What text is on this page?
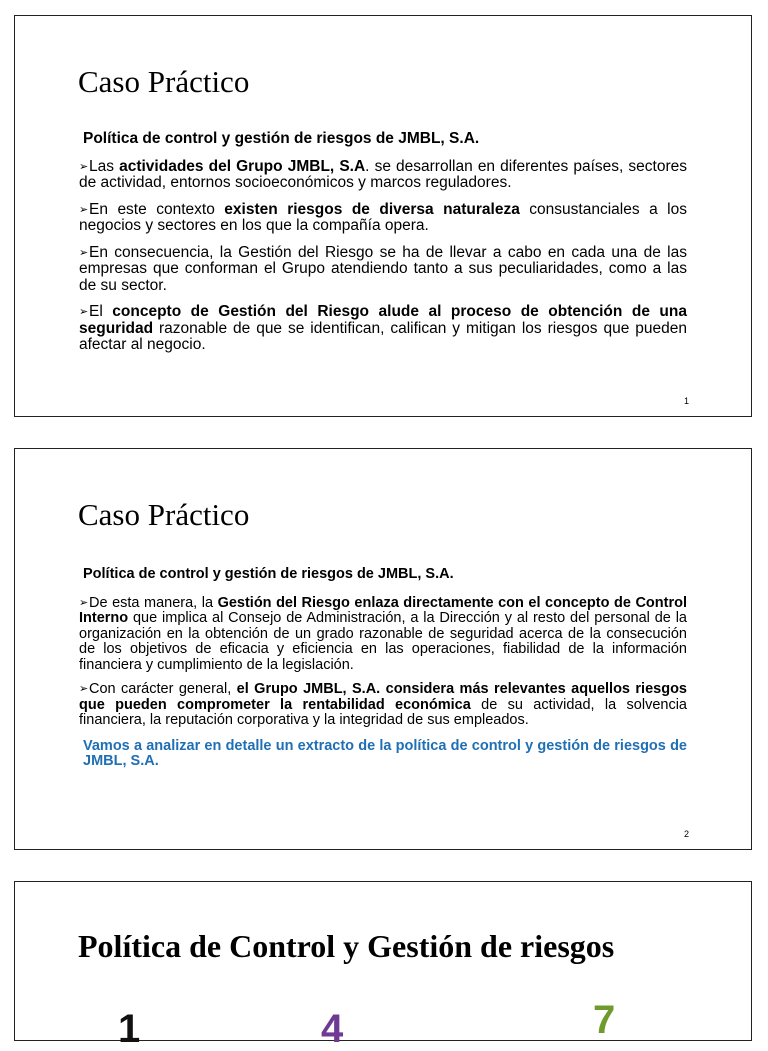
Caso Práctico

Política de control y gestión de riesgos de JMBL, S.A.

➢Las actividades del Grupo JMBL, S.A. se desarrollan en diferentes países, sectores de actividad, entornos socioeconómicos y marcos reguladores.

➢En este contexto existen riesgos de diversa naturaleza consustanciales a los negocios y sectores en los que la compañía opera.

➢En consecuencia, la Gestión del Riesgo se ha de llevar a cabo en cada una de las empresas que conforman el Grupo atendiendo tanto a sus peculiaridades, como a las de su sector.

➢El concepto de Gestión del Riesgo alude al proceso de obtención de una seguridad razonable de que se identifican, califican y mitigan los riesgos que pueden afectar al negocio.

1
Caso Práctico

Política de control y gestión de riesgos de JMBL, S.A.

➢De esta manera, la Gestión del Riesgo enlaza directamente con el concepto de Control Interno que implica al Consejo de Administración, a la Dirección y al resto del personal de la organización en la obtención de un grado razonable de seguridad acerca de la consecución de los objetivos de eficacia y eficiencia en las operaciones, fiabilidad de la información financiera y cumplimiento de la legislación.

➢Con carácter general, el Grupo JMBL, S.A. considera más relevantes aquellos riesgos que pueden comprometer la rentabilidad económica de su actividad, la solvencia financiera, la reputación corporativa y la integridad de sus empleados.

Vamos a analizar en detalle un extracto de la política de control y gestión de riesgos de JMBL, S.A.

2
Política de Control y Gestión de riesgos
1	4	7
